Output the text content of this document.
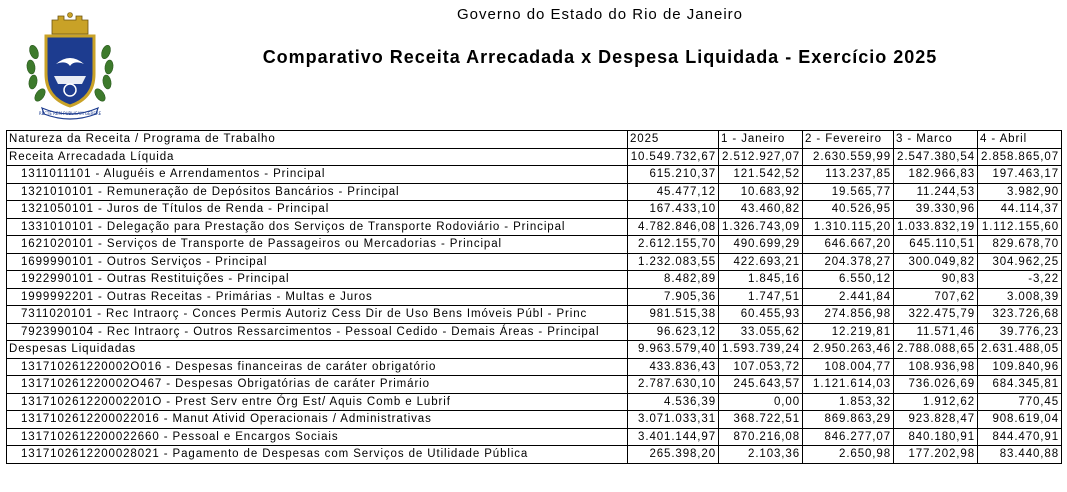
RECTE REM PUBLICAM GERERE
Governo do Estado do Rio de Janeiro
Comparativo Receita Arrecadada x Despesa Liquidada - Exercício 2025
Natureza da Receita / Programa de Trabalho	2025	1 - Janeiro	2 - Fevereiro	3 - Marco	4 - Abril
Receita Arrecadada Líquida	10.549.732,67	2.512.927,07	2.630.559,99	2.547.380,54	2.858.865,07
1311011101 - Aluguéis e Arrendamentos - Principal	615.210,37	121.542,52	113.237,85	182.966,83	197.463,17
1321010101 - Remuneração de Depósitos Bancários - Principal	45.477,12	10.683,92	19.565,77	11.244,53	3.982,90
1321050101 - Juros de Títulos de Renda - Principal	167.433,10	43.460,82	40.526,95	39.330,96	44.114,37
1331010101 - Delegação para Prestação dos Serviços de Transporte Rodoviário - Principal	4.782.846,08	1.326.743,09	1.310.115,20	1.033.832,19	1.112.155,60
1621020101 - Serviços de Transporte de Passageiros ou Mercadorias - Principal	2.612.155,70	490.699,29	646.667,20	645.110,51	829.678,70
1699990101 - Outros Serviços - Principal	1.232.083,55	422.693,21	204.378,27	300.049,82	304.962,25
1922990101 - Outras Restituições - Principal	8.482,89	1.845,16	6.550,12	90,83	-3,22
1999992201 - Outras Receitas - Primárias - Multas e Juros	7.905,36	1.747,51	2.441,84	707,62	3.008,39
7311020101 - Rec Intraorç - Conces Permis Autoriz Cess Dir de Uso Bens Imóveis Públ - Princ	981.515,38	60.455,93	274.856,98	322.475,79	323.726,68
7923990104 - Rec Intraorç - Outros Ressarcimentos - Pessoal Cedido - Demais Áreas - Principal	96.623,12	33.055,62	12.219,81	11.571,46	39.776,23
Despesas Liquidadas	9.963.579,40	1.593.739,24	2.950.263,46	2.788.088,65	2.631.488,05
131710261220002O016 - Despesas financeiras de caráter obrigatório	433.836,43	107.053,72	108.004,77	108.936,98	109.840,96
131710261220002O467 - Despesas Obrigatórias de caráter Primário	2.787.630,10	245.643,57	1.121.614,03	736.026,69	684.345,81
131710261220002201O - Prest Serv entre Órg Est/ Aquis Comb e Lubrif	4.536,39	0,00	1.853,32	1.912,62	770,45
1317102612200022016 - Manut Ativid Operacionais / Administrativas	3.071.033,31	368.722,51	869.863,29	923.828,47	908.619,04
1317102612200022660 - Pessoal e Encargos Sociais	3.401.144,97	870.216,08	846.277,07	840.180,91	844.470,91
1317102612200028021 - Pagamento de Despesas com Serviços de Utilidade Pública	265.398,20	2.103,36	2.650,98	177.202,98	83.440,88
